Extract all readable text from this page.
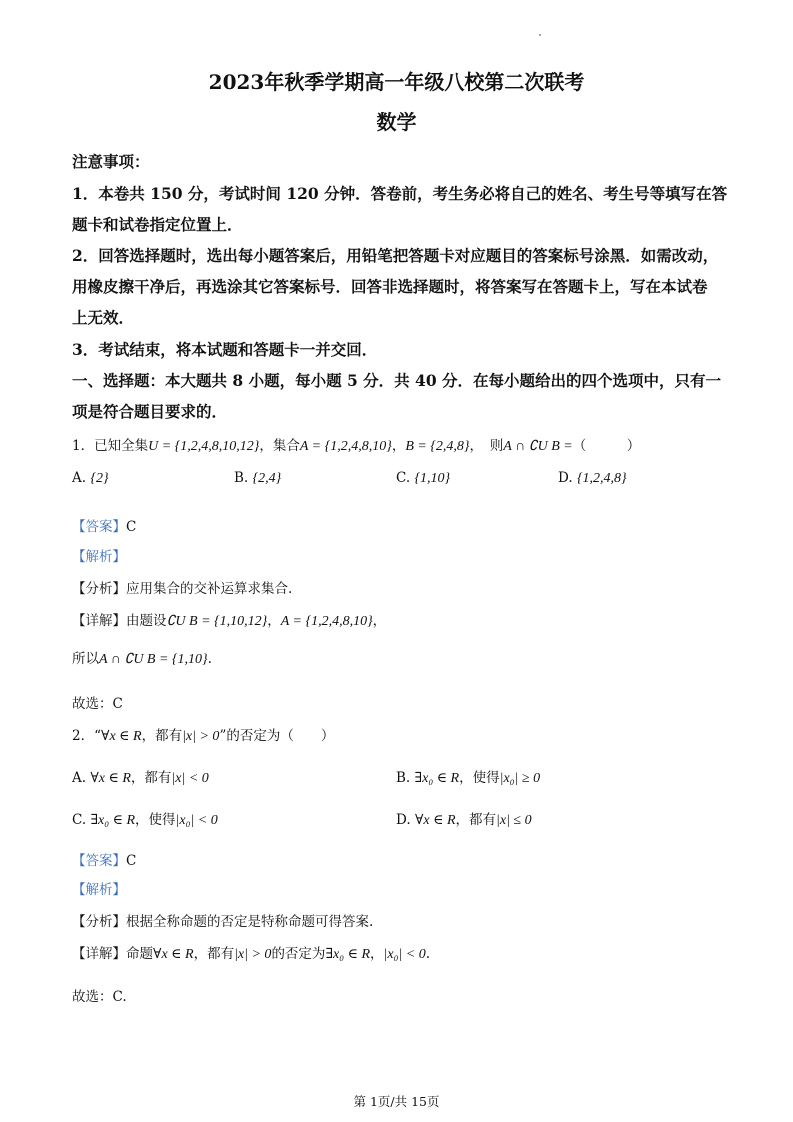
2023年秋季学期高一年级八校第二次联考
数学
注意事项：
1．本卷共 150 分，考试时间 120 分钟．答卷前，考生务必将自己的姓名、考生号等填写在答
题卡和试卷指定位置上．
2．回答选择题时，选出每小题答案后，用铅笔把答题卡对应题目的答案标号涂黑．如需改动，
用橡皮擦干净后，再选涂其它答案标号．回答非选择题时，将答案写在答题卡上，写在本试卷
上无效．
3．考试结束，将本试题和答题卡一并交回．
一、选择题：本大题共 8 小题，每小题 5 分．共 40 分．在每小题给出的四个选项中，只有一
项是符合题目要求的．
1．已知全集U = {1,2,4,8,10,12}，集合A = {1,2,4,8,10}，B = {2,4,8}，　则A ∩ ∁U B =（　　　）
A. {2}	B. {2,4}	C. {1,10}	D. {1,2,4,8}
【答案】C
【解析】
【分析】应用集合的交补运算求集合.
【详解】由题设∁U B = {1,10,12}，A = {1,2,4,8,10}，
所以A ∩ ∁U B = {1,10}.
故选：C
2．“∀x ∈ R，都有|x| > 0”的否定为（　　）
A. ∀x ∈ R，都有|x| < 0	B. ∃x₀ ∈ R，使得|x₀| ≥ 0
C. ∃x₀ ∈ R，使得|x₀| < 0	D. ∀x ∈ R，都有|x| ≤ 0
【答案】C
【解析】
【分析】根据全称命题的否定是特称命题可得答案.
【详解】命题∀x ∈ R，都有|x| > 0的否定为∃x₀ ∈ R，|x₀| < 0.
故选：C.
第 1页/共 15页
